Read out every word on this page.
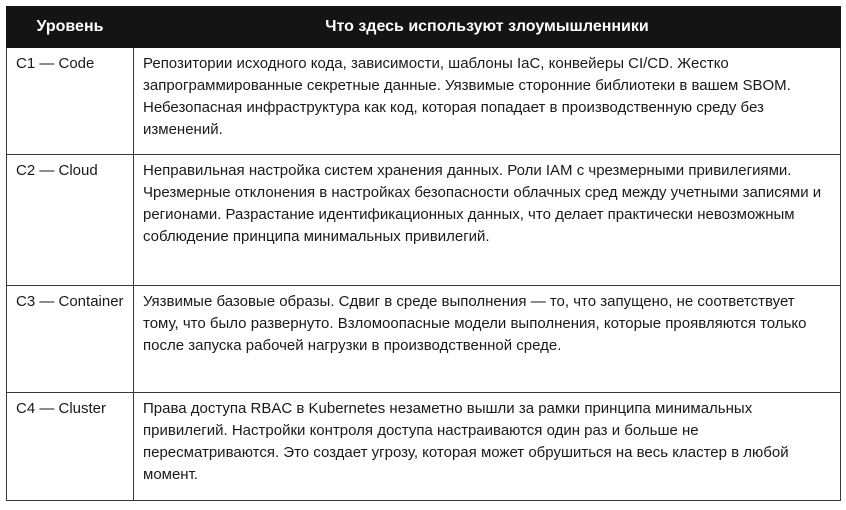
Уровень	Что здесь используют злоумышленники
C1 — Code	Репозитории исходного кода, зависимости, шаблоны IaC, конвейеры CI/CD. Жестко запрограммированные секретные данные. Уязвимые сторонние библиотеки в вашем SBOM. Небезопасная инфраструктура как код, которая попадает в производственную среду без изменений.
C2 — Cloud	Неправильная настройка систем хранения данных. Роли IAM с чрезмерными привилегиями. Чрезмерные отклонения в настройках безопасности облачных сред между учетными записями и регионами. Разрастание идентификационных данных, что делает практически невозможным соблюдение принципа минимальных привилегий.
C3 — Container	Уязвимые базовые образы. Сдвиг в среде выполнения — то, что запущено, не соответствует тому, что было развернуто. Взломоопасные модели выполнения, которые проявляются только после запуска рабочей нагрузки в производственной среде.
C4 — Cluster	Права доступа RBAC в Kubernetes незаметно вышли за рамки принципа минимальных привилегий. Настройки контроля доступа настраиваются один раз и больше не пересматриваются. Это создает угрозу, которая может обрушиться на весь кластер в любой момент.
